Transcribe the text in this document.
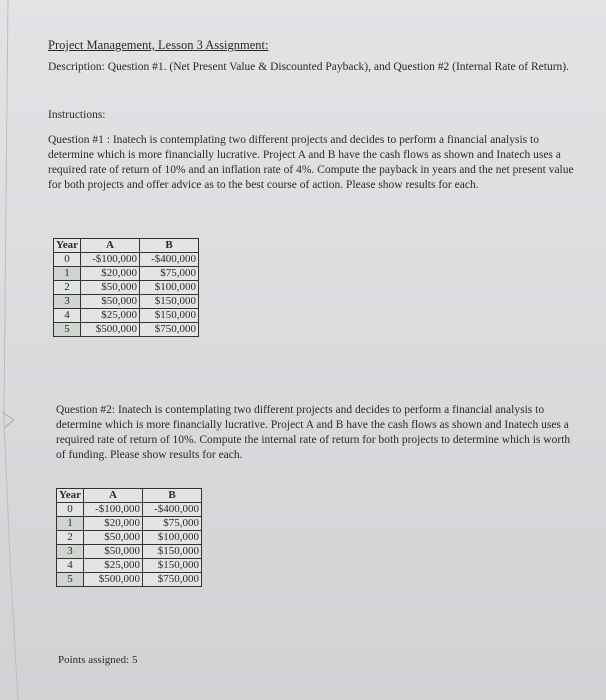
Project Management, Lesson 3 Assignment:
Description: Question #1. (Net Present Value & Discounted Payback), and Question #2 (Internal Rate of Return).
Instructions:
Question #1 : Inatech is contemplating two different projects and decides to perform a financial analysis to determine which is more financially lucrative. Project A and B have the cash flows as shown and Inatech uses a required rate of return of 10% and an inflation rate of 4%. Compute the payback in years and the net present value for both projects and offer advice as to the best course of action. Please show results for each.
Year	A	B
0	-$100,000	-$400,000
1	$20,000	$75,000
2	$50,000	$100,000
3	$50,000	$150,000
4	$25,000	$150,000
5	$500,000	$750,000
Question #2: Inatech is contemplating two different projects and decides to perform a financial analysis to determine which is more financially lucrative. Project A and B have the cash flows as shown and Inatech uses a required rate of return of 10%. Compute the internal rate of return for both projects to determine which is worth of funding. Please show results for each.
Year	A	B
0	-$100,000	-$400,000
1	$20,000	$75,000
2	$50,000	$100,000
3	$50,000	$150,000
4	$25,000	$150,000
5	$500,000	$750,000
Points assigned: 5
